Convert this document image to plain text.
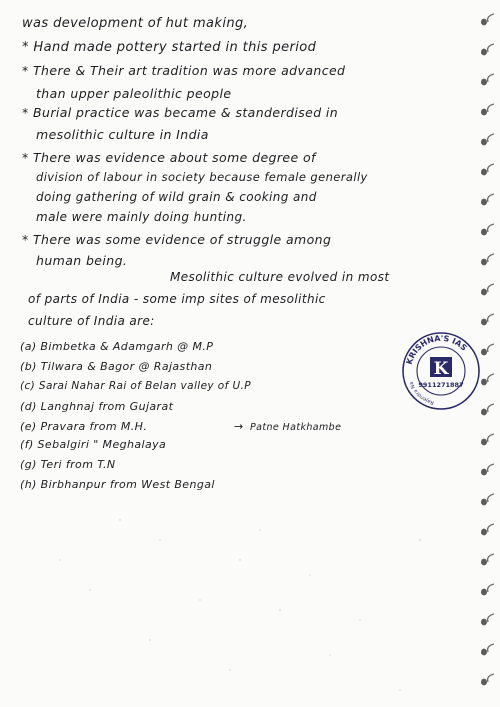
was development of hut making,
* Hand made pottery started in this period
* There & Their art tradition was more advanced
than upper paleolithic people
* Burial practice was became & standerdised in
mesolithic culture in India
* There was evidence about some degree of
division of labour in society because female generally
doing gathering of wild grain & cooking and
male were mainly doing hunting.
* There was some evidence of struggle among
human being.
Mesolithic culture evolved in most
of parts of India - some imp sites of mesolithic
culture of India are:
(a) Bimbetka & Adamgarh @ M.P
(b) Tilwara & Bagor @ Rajasthan
(c) Sarai Nahar Rai of Belan valley of U.P
(d) Langhnaj from Gujarat
(e) Pravara from M.H.	→ Patne Hatkhambe
(f) Sebalgiri " Meghalaya
(g) Teri from T.N
(h) Birbhanpur from West Bengal
KRISHNA'S IAS
Rajendra Na
K
9911271887
